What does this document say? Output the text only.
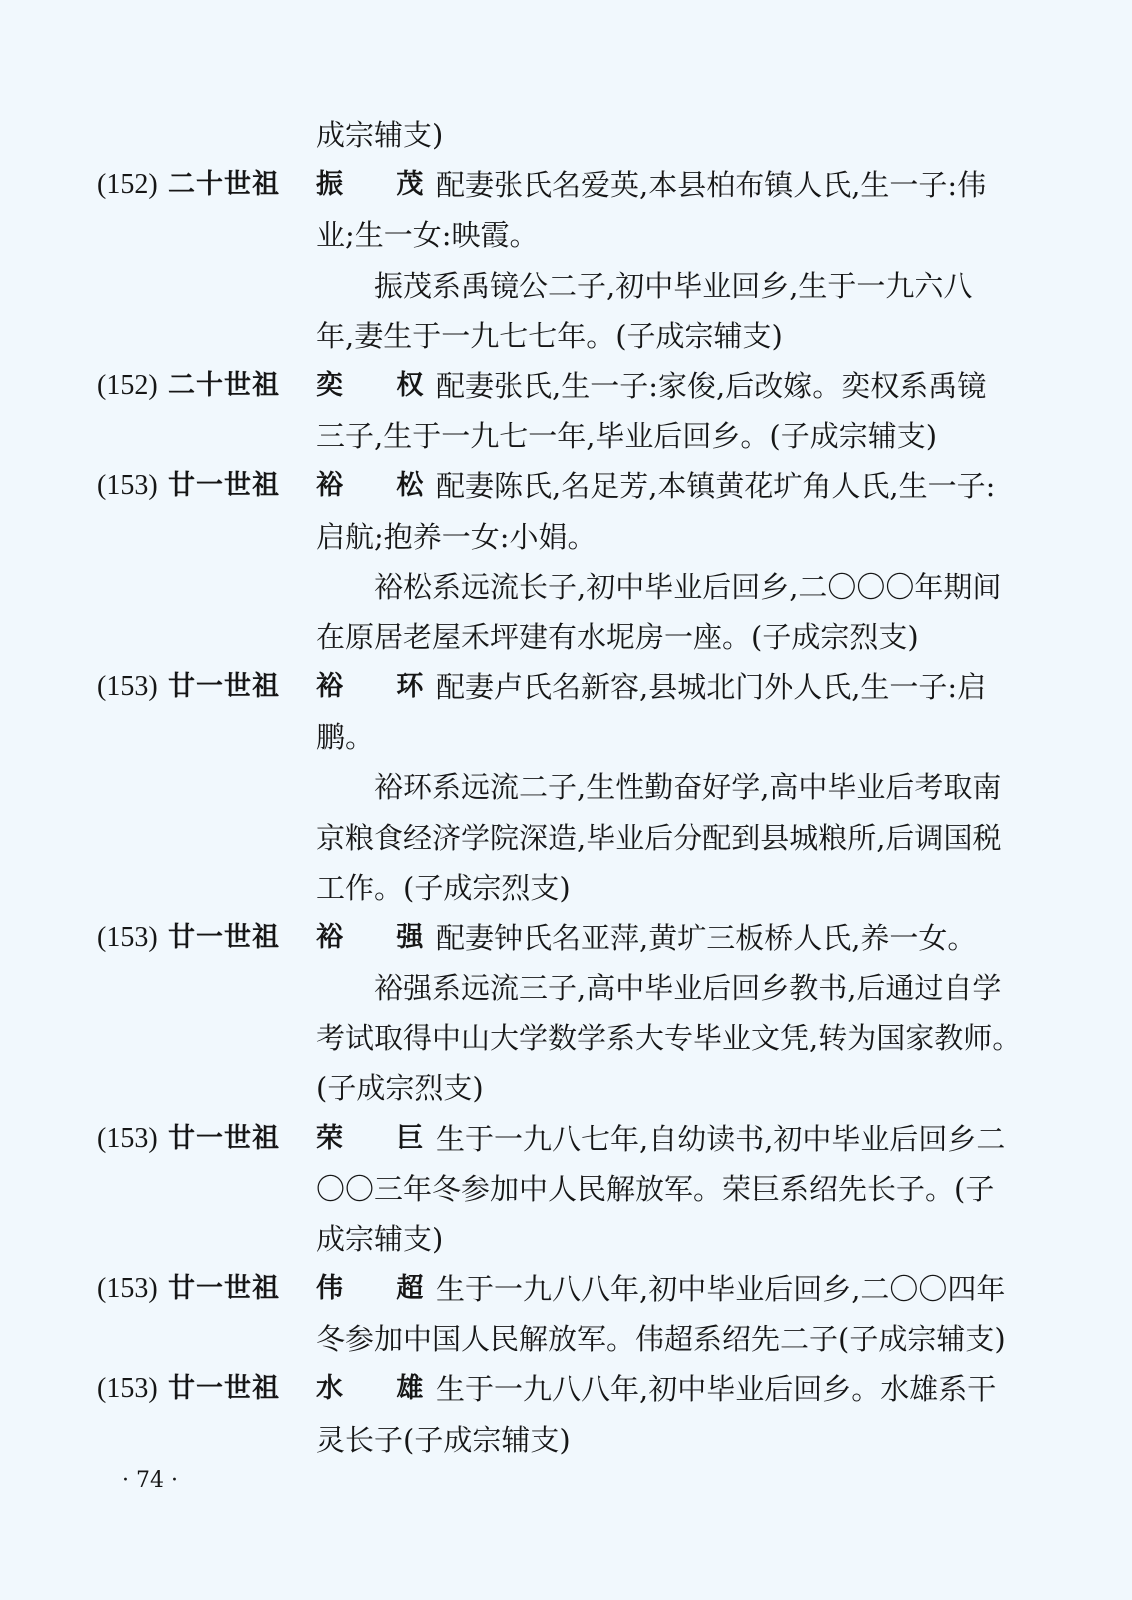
成宗辅支)
(152) 二十世祖 振 茂
配妻张氏名爱英,本县柏布镇人氏,生一子:伟
业;生一女:映霞。
振茂系禹镜公二子,初中毕业回乡,生于一九六八
年,妻生于一九七七年。(子成宗辅支)
(152) 二十世祖 奕 权
配妻张氏,生一子:家俊,后改嫁。奕权系禹镜
三子,生于一九七一年,毕业后回乡。(子成宗辅支)
(153) 廿一世祖 裕 松
配妻陈氏,名足芳,本镇黄花圹角人氏,生一子:
启航;抱养一女:小娟。
裕松系远流长子,初中毕业后回乡,二〇〇〇年期间
在原居老屋禾坪建有水坭房一座。(子成宗烈支)
(153) 廿一世祖 裕 环
配妻卢氏名新容,县城北门外人氏,生一子:启
鹏。
裕环系远流二子,生性勤奋好学,高中毕业后考取南
京粮食经济学院深造,毕业后分配到县城粮所,后调国税
工作。(子成宗烈支)
(153) 廿一世祖 裕 强
配妻钟氏名亚萍,黄圹三板桥人氏,养一女。
裕强系远流三子,高中毕业后回乡教书,后通过自学
考试取得中山大学数学系大专毕业文凭,转为国家教师。
(子成宗烈支)
(153) 廿一世祖 荣 巨
生于一九八七年,自幼读书,初中毕业后回乡二
〇〇三年冬参加中人民解放军。荣巨系绍先长子。(子
成宗辅支)
(153) 廿一世祖 伟 超
生于一九八八年,初中毕业后回乡,二〇〇四年
冬参加中国人民解放军。伟超系绍先二子(子成宗辅支)
(153) 廿一世祖 水 雄
生于一九八八年,初中毕业后回乡。水雄系干
灵长子(子成宗辅支)
· 74 ·
